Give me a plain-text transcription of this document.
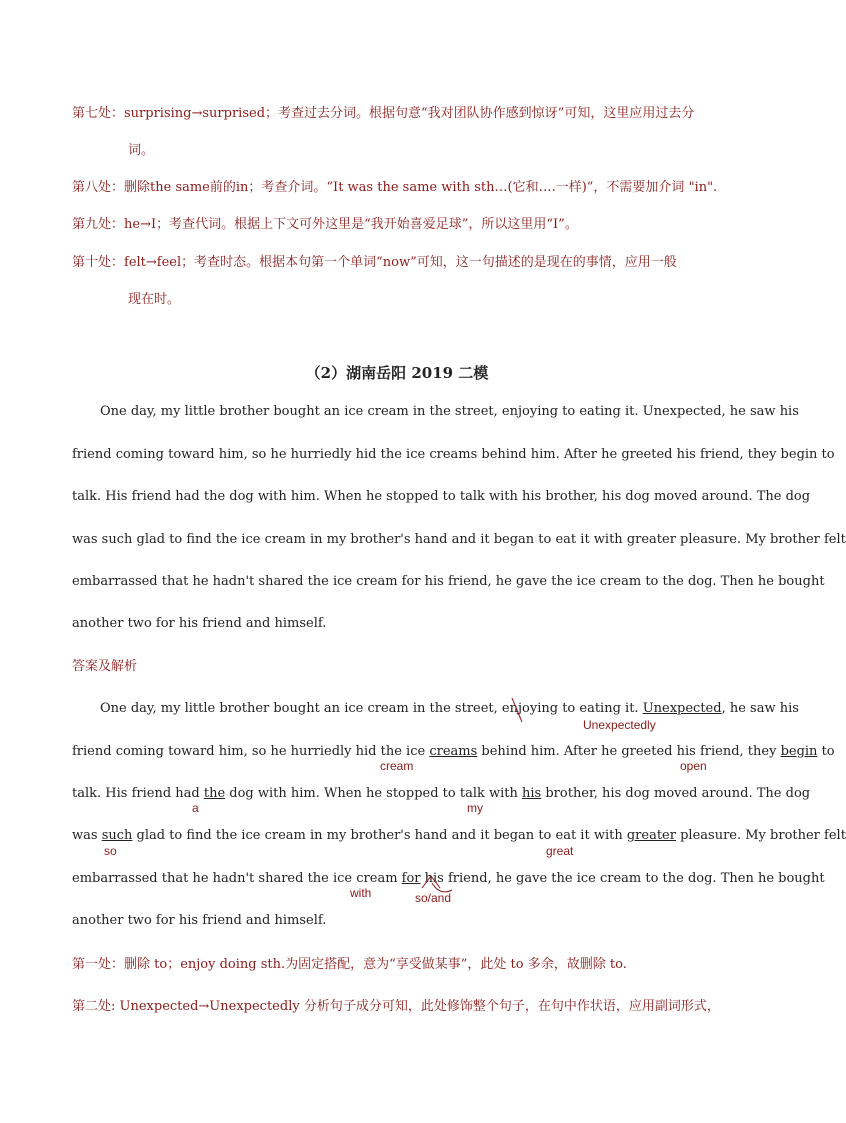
第七处：surprising→surprised；考查过去分词。根据句意“我对团队协作感到惊讶”可知，这里应用过去分
词。
第八处：删除the same前的in；考查介词。“It was the same with sth…(它和….一样)”，不需要加介词 "in".
第九处：he→I；考查代词。根据上下文可外这里是“我开始喜爱足球”，所以这里用“I”。
第十处：felt→feel；考查时态。根据本句第一个单词“now”可知，这一句描述的是现在的事情，应用一般
现在时。
（2）湖南岳阳 2019 二模
One day, my little brother bought an ice cream in the street, enjoying to eating it. Unexpected, he saw his
friend coming toward him, so he hurriedly hid the ice creams behind him. After he greeted his friend, they begin to
talk. His friend had the dog with him. When he stopped to talk with his brother, his dog moved around. The dog
was such glad to find the ice cream in my brother's hand and it began to eat it with greater pleasure. My brother felt
embarrassed that he hadn't shared the ice cream for his friend, he gave the ice cream to the dog. Then he bought
another two for his friend and himself.
答案及解析
One day, my little brother bought an ice cream in the street, enjoying to eating it. Unexpected, he saw his
friend coming toward him, so he hurriedly hid the ice creams behind him. After he greeted his friend, they begin to
talk. His friend had the dog with him. When he stopped to talk with his brother, his dog moved around. The dog
was such glad to find the ice cream in my brother's hand and it began to eat it with greater pleasure. My brother felt
embarrassed that he hadn't shared the ice cream for his friend, he gave the ice cream to the dog. Then he bought
another two for his friend and himself.
Unexpectedly
cream	open
a	my
so	great
with	so/and
第一处：删除 to；enjoy doing sth.为固定搭配，意为“享受做某事”，此处 to 多余，故删除 to.
第二处: Unexpected→Unexpectedly 分析句子成分可知，此处修饰整个句子，在句中作状语，应用副词形式，
